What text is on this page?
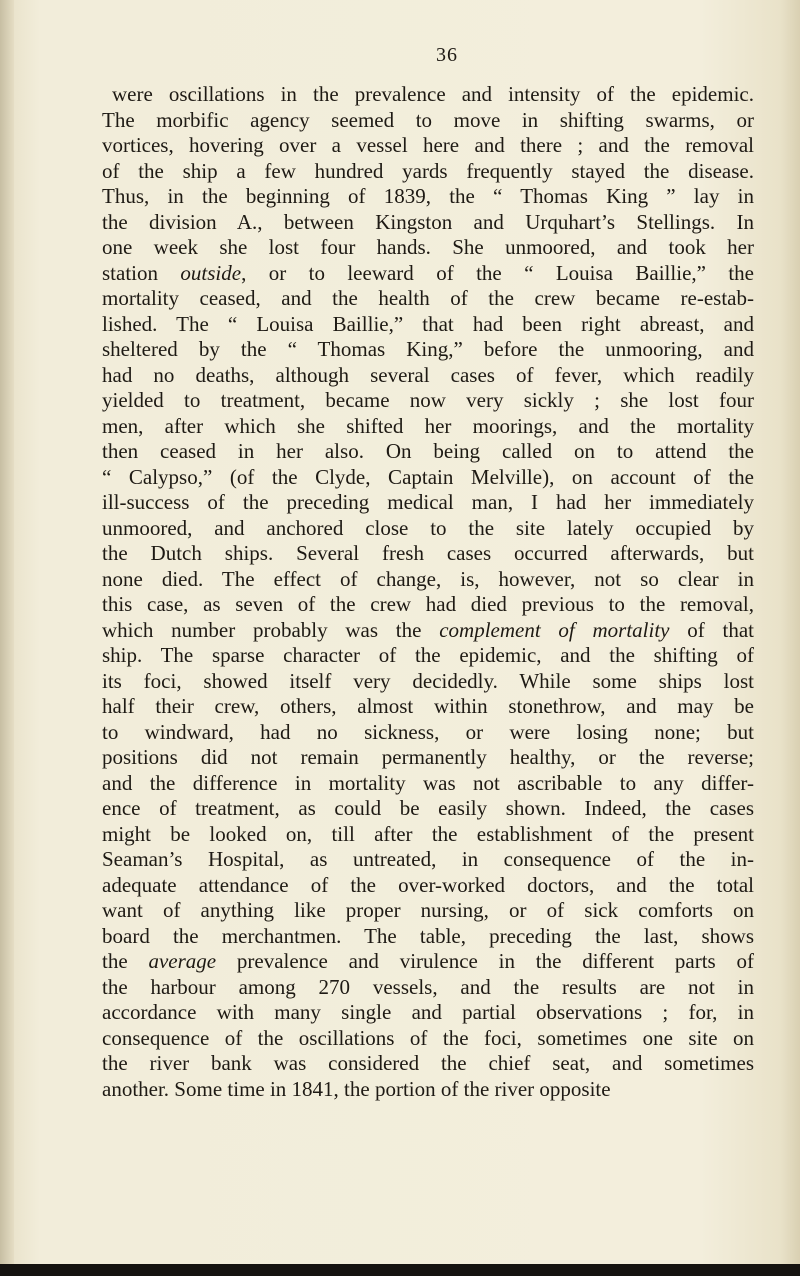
36
were oscillations in the prevalence and intensity of the epidemic.
The morbific agency seemed to move in shifting swarms, or
vortices, hovering over a vessel here and there ; and the removal
of the ship a few hundred yards frequently stayed the disease.
Thus, in the beginning of 1839, the “ Thomas King ” lay in
the division A., between Kingston and Urquhart’s Stellings. In
one week she lost four hands. She unmoored, and took her
station outside, or to leeward of the “ Louisa Baillie,” the
mortality ceased, and the health of the crew became re-estab-
lished. The “ Louisa Baillie,” that had been right abreast, and
sheltered by the “ Thomas King,” before the unmooring, and
had no deaths, although several cases of fever, which readily
yielded to treatment, became now very sickly ; she lost four
men, after which she shifted her moorings, and the mortality
then ceased in her also. On being called on to attend the
“ Calypso,” (of the Clyde, Captain Melville), on account of the
ill-success of the preceding medical man, I had her immediately
unmoored, and anchored close to the site lately occupied by
the Dutch ships. Several fresh cases occurred afterwards, but
none died. The effect of change, is, however, not so clear in
this case, as seven of the crew had died previous to the removal,
which number probably was the complement of mortality of that
ship. The sparse character of the epidemic, and the shifting of
its foci, showed itself very decidedly. While some ships lost
half their crew, others, almost within stonethrow, and may be
to windward, had no sickness, or were losing none; but
positions did not remain permanently healthy, or the reverse;
and the difference in mortality was not ascribable to any differ-
ence of treatment, as could be easily shown. Indeed, the cases
might be looked on, till after the establishment of the present
Seaman’s Hospital, as untreated, in consequence of the in-
adequate attendance of the over-worked doctors, and the total
want of anything like proper nursing, or of sick comforts on
board the merchantmen. The table, preceding the last, shows
the average prevalence and virulence in the different parts of
the harbour among 270 vessels, and the results are not in
accordance with many single and partial observations ; for, in
consequence of the oscillations of the foci, sometimes one site on
the river bank was considered the chief seat, and sometimes
another. Some time in 1841, the portion of the river opposite
